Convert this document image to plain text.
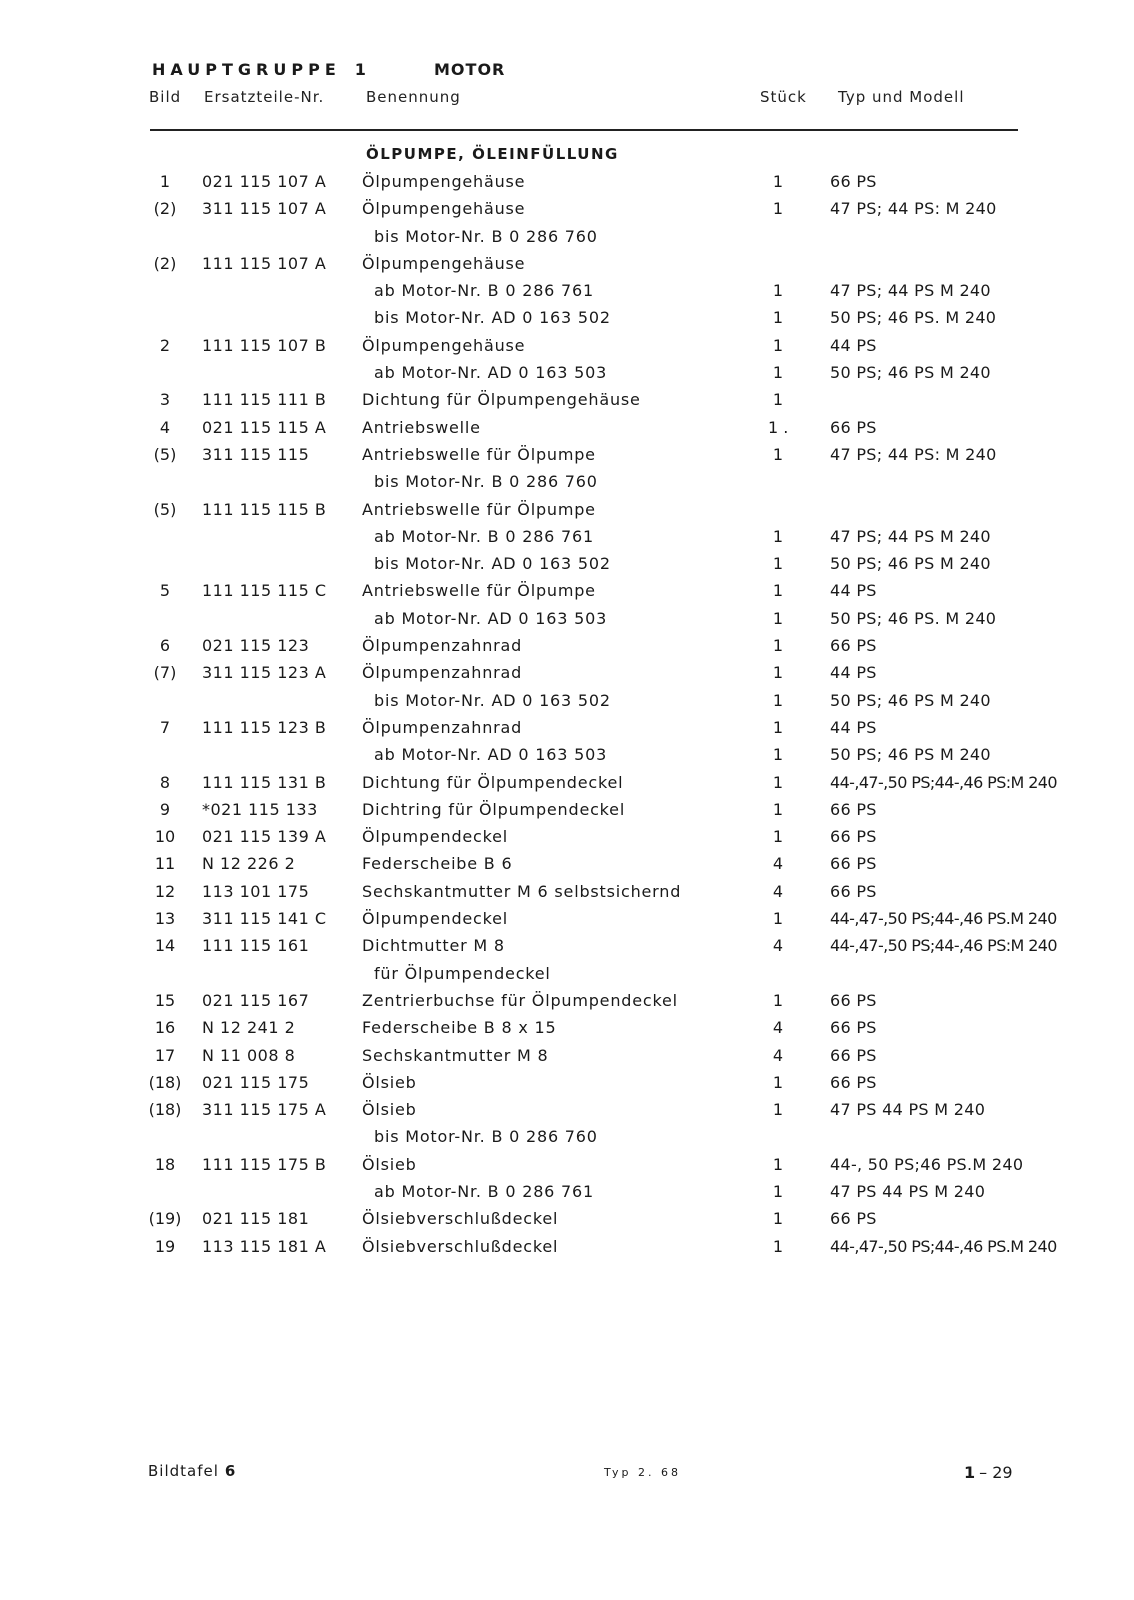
HAUPTGRUPPE 1	MOTOR
Bild Ersatzteile-Nr.	Benennung	Stück Typ und Modell
ÖLPUMPE, ÖLEINFÜLLUNG
1	021 115 107 A Ölpumpengehäuse	1	66 PS
(2)	311 115 107 A Ölpumpengehäuse	1	47 PS; 44 PS: M 240
bis Motor-Nr. B 0 286 760
(2)	111 115 107 A Ölpumpengehäuse
ab Motor-Nr. B 0 286 761	1	47 PS; 44 PS M 240
bis Motor-Nr. AD 0 163 502	1	50 PS; 46 PS. M 240
2	111 115 107 B Ölpumpengehäuse	1	44 PS
ab Motor-Nr. AD 0 163 503	1	50 PS; 46 PS M 240
3	111 115 111 B Dichtung für Ölpumpengehäuse	1
4	021 115 115 A Antriebswelle	1 .	66 PS
(5)	311 115 115	Antriebswelle für Ölpumpe	1	47 PS; 44 PS: M 240
bis Motor-Nr. B 0 286 760
(5)	111 115 115 B Antriebswelle für Ölpumpe
ab Motor-Nr. B 0 286 761	1	47 PS; 44 PS M 240
bis Motor-Nr. AD 0 163 502	1	50 PS; 46 PS M 240
5	111 115 115 C Antriebswelle für Ölpumpe	1	44 PS
ab Motor-Nr. AD 0 163 503	1	50 PS; 46 PS. M 240
6	021 115 123	Ölpumpenzahnrad	1	66 PS
(7)	311 115 123 A Ölpumpenzahnrad	1	44 PS
bis Motor-Nr. AD 0 163 502	1	50 PS; 46 PS M 240
7	111 115 123 B Ölpumpenzahnrad	1	44 PS
ab Motor-Nr. AD 0 163 503	1	50 PS; 46 PS M 240
8	111 115 131 B Dichtung für Ölpumpendeckel	1	44-,47-,50 PS;44-,46 PS:M 240
9	*021 115 133	Dichtring für Ölpumpendeckel	1	66 PS
10	021 115 139 A Ölpumpendeckel	1	66 PS
11	N 12 226 2	Federscheibe B 6	4	66 PS
12	113 101 175	Sechskantmutter M 6 selbstsichernd	4	66 PS
13	311 115 141 C Ölpumpendeckel	1	44-,47-,50 PS;44-,46 PS.M 240
14	111 115 161	Dichtmutter M 8	4	44-,47-,50 PS;44-,46 PS:M 240
für Ölpumpendeckel
15	021 115 167	Zentrierbuchse für Ölpumpendeckel	1	66 PS
16	N 12 241 2	Federscheibe B 8 x 15	4	66 PS
17	N 11 008 8	Sechskantmutter M 8	4	66 PS
(18) 021 115 175	Ölsieb	1	66 PS
(18) 311 115 175 A Ölsieb	1	47 PS 44 PS M 240
bis Motor-Nr. B 0 286 760
18	111 115 175 B Ölsieb	1	44-, 50 PS;46 PS.M 240
ab Motor-Nr. B 0 286 761	1	47 PS 44 PS M 240
(19) 021 115 181	Ölsiebverschlußdeckel	1	66 PS
19	113 115 181 A Ölsiebverschlußdeckel	1	44-,47-,50 PS;44-,46 PS.M 240
Bildtafel 6	Typ 2. 68	1 – 29
